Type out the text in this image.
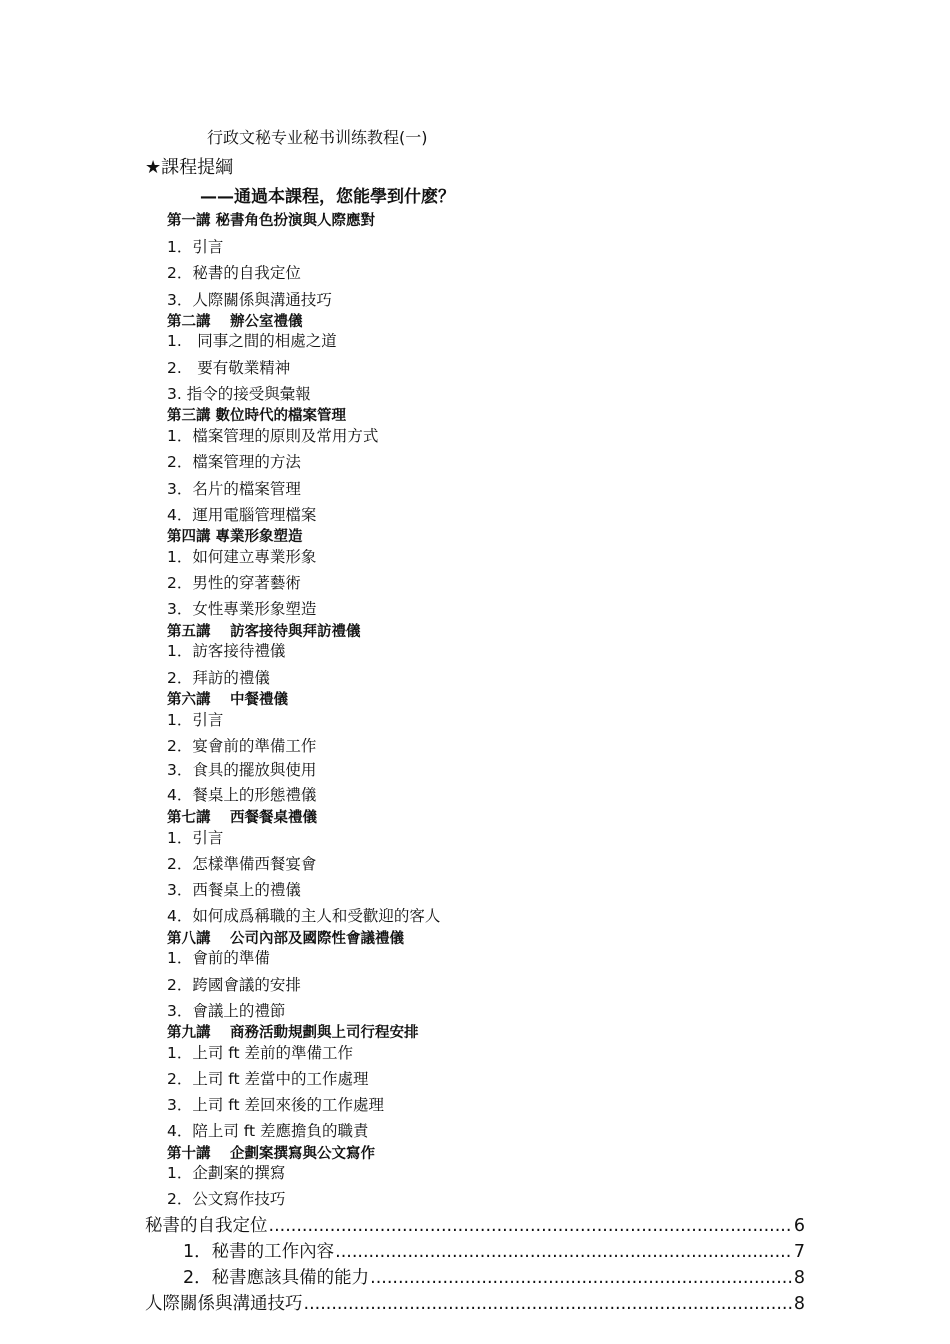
行政文秘专业秘书训练教程(一)
★課程提綱
——通過本課程，您能學到什麽？
第一講 秘書角色扮演與人際應對
1．引言
2．秘書的自我定位
3．人際關係與溝通技巧
第二講　 辦公室禮儀
1.　同事之間的相處之道
2.　要有敬業精神
3. 指令的接受與彙報
第三講 數位時代的檔案管理
1．檔案管理的原則及常用方式
2．檔案管理的方法
3．名片的檔案管理
4．運用電腦管理檔案
第四講 專業形象塑造
1．如何建立專業形象
2．男性的穿著藝術
3．女性專業形象塑造
第五講　 訪客接待與拜訪禮儀
1．訪客接待禮儀
2．拜訪的禮儀
第六講　 中餐禮儀
1．引言
2．宴會前的準備工作
3．食具的擺放與使用
4．餐桌上的形態禮儀
第七講　 西餐餐桌禮儀
1．引言
2．怎樣準備西餐宴會
3．西餐桌上的禮儀
4．如何成爲稱職的主人和受歡迎的客人
第八講　 公司內部及國際性會議禮儀
1．會前的準備
2．跨國會議的安排
3．會議上的禮節
第九講　 商務活動規劃與上司行程安排
1．上司 ft 差前的準備工作
2．上司 ft 差當中的工作處理
3．上司 ft 差回來後的工作處理
4．陪上司 ft 差應擔負的職責
第十講　 企劃案撰寫與公文寫作
1．企劃案的撰寫
2．公文寫作技巧
秘書的自我定位 .....	6
1．秘書的工作內容 .....	7
2．秘書應該具備的能力 .....	8
人際關係與溝通技巧 .....	8
